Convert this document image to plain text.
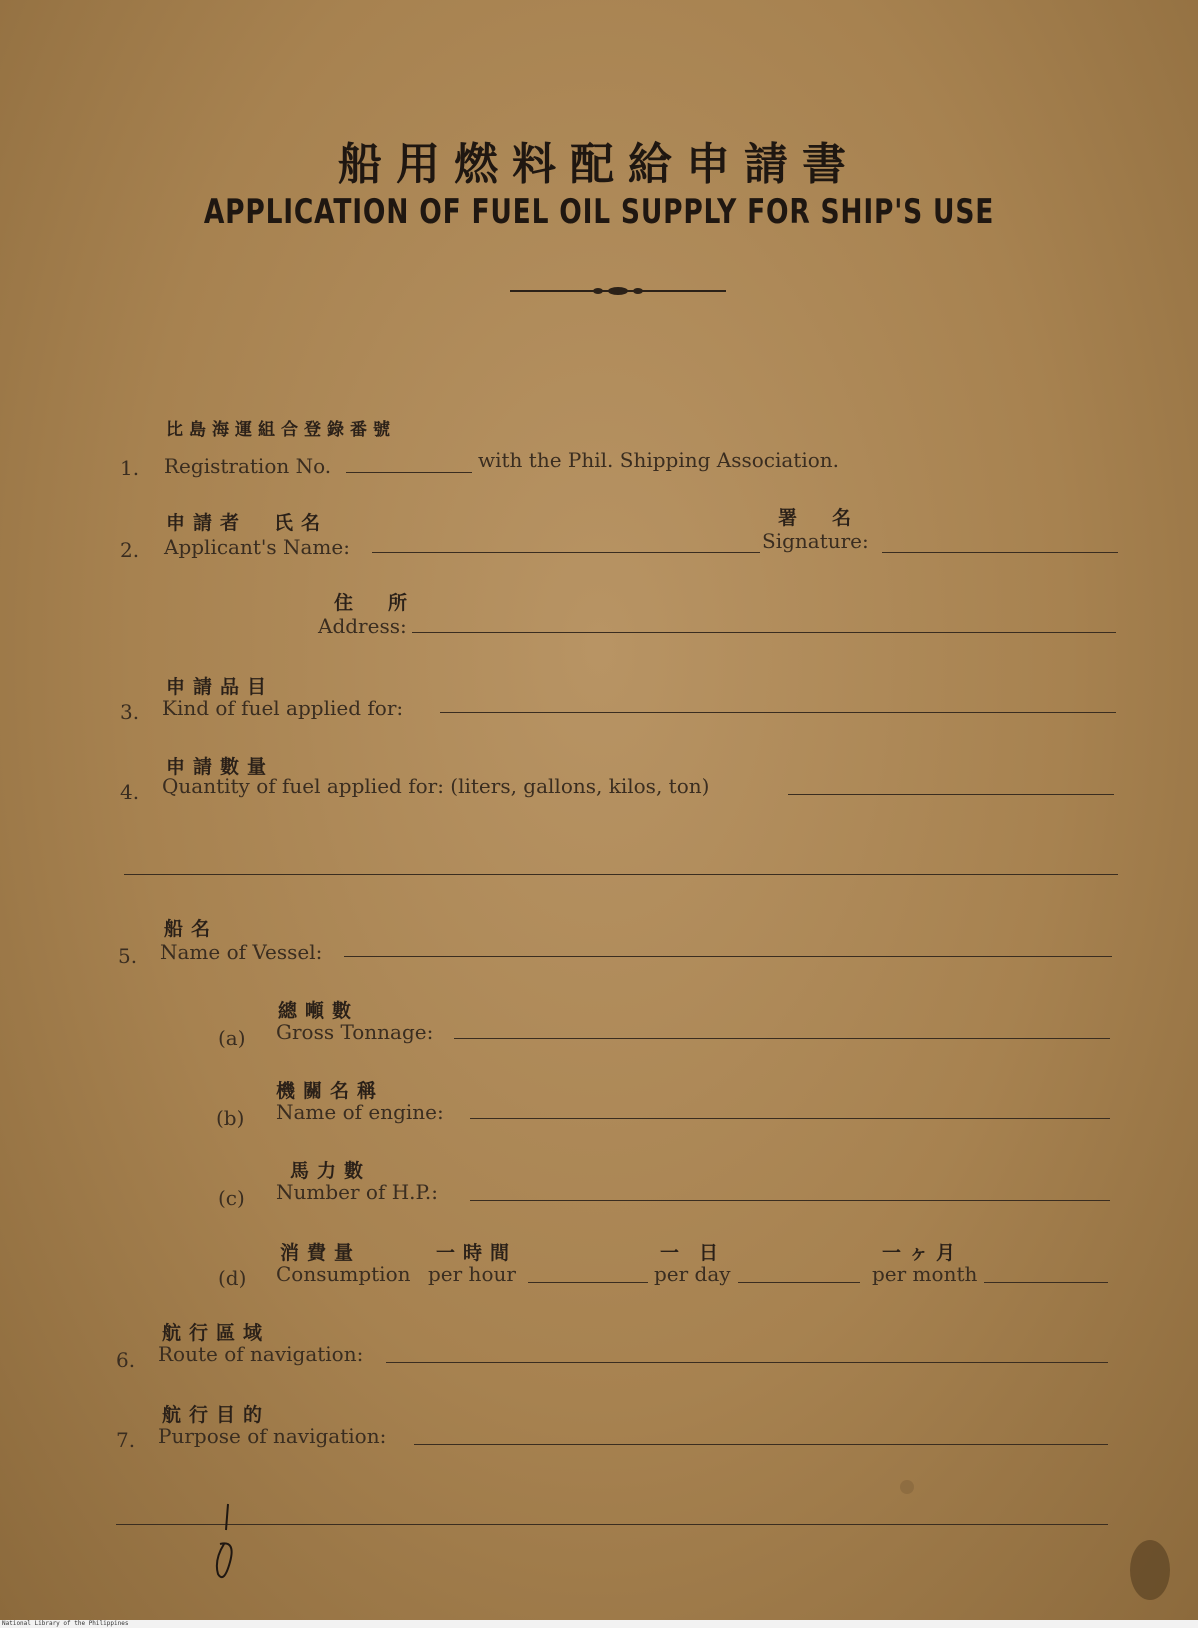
船用燃料配給申請書
APPLICATION OF FUEL OIL SUPPLY FOR SHIP'S USE
比島海運組合登錄番號
1. Registration No.	with the Phil. Shipping Association.
申請者　氏名	署　名
2. Applicant's Name:	Signature:
住　所
Address:
申請品目
3. Kind of fuel applied for:
申請數量
4. Quantity of fuel applied for: (liters, gallons, kilos, ton)
船名
5. Name of Vessel:
總噸數
(a) Gross Tonnage:
機關名稱
(b) Name of engine:
馬力數
(c) Number of H.P.:
消費量	一時間	一日	一ヶ月
(d) Consumption per hour	per day	per month
航行區域
6. Route of navigation:
航行目的
7. Purpose of navigation:
National Library of the Philippines
